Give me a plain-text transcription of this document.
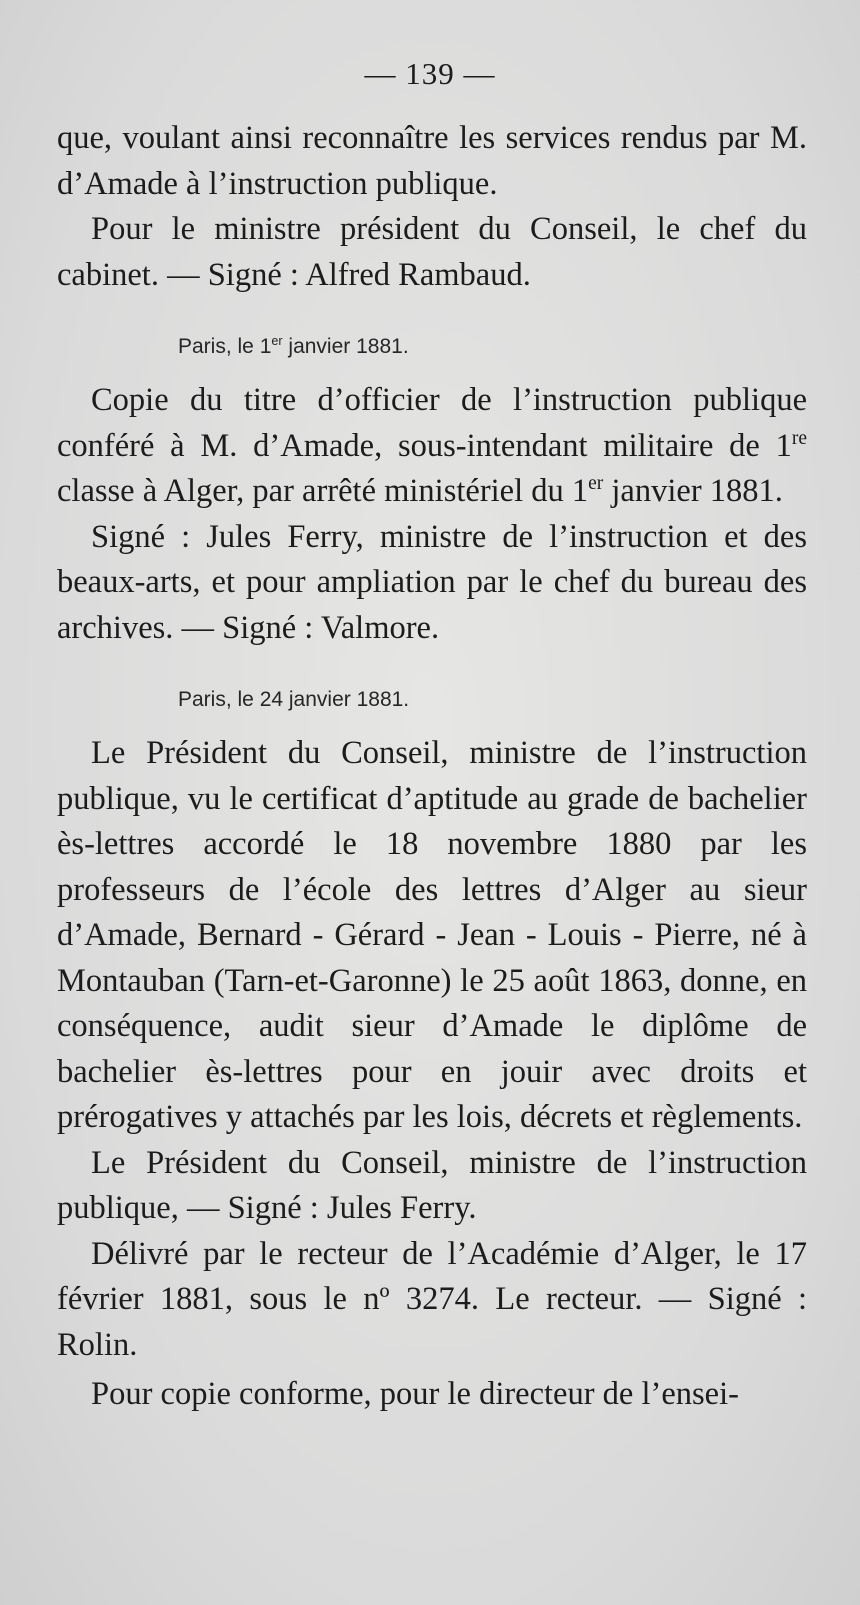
— 139 —

que, voulant ainsi reconnaître les services rendus par M. d’Amade à l’instruction publique.

Pour le ministre président du Conseil, le chef du cabinet. — Signé : Alfred Rambaud.

Paris, le 1er janvier 1881.

Copie du titre d’officier de l’instruction publique conféré à M. d’Amade, sous-intendant militaire de 1re classe à Alger, par arrêté ministériel du 1er janvier 1881.

Signé : Jules Ferry, ministre de l’instruction et des beaux-arts, et pour ampliation par le chef du bureau des archives. — Signé : Valmore.

Paris, le 24 janvier 1881.

Le Président du Conseil, ministre de l’instruction publique, vu le certificat d’aptitude au grade de bachelier ès-lettres accordé le 18 novembre 1880 par les professeurs de l’école des lettres d’Alger au sieur d’Amade, Bernard - Gérard - Jean - Louis - Pierre, né à Montauban (Tarn-et-Garonne) le 25 août 1863, donne, en conséquence, audit sieur d’Amade le diplôme de bachelier ès-lettres pour en jouir avec droits et prérogatives y attachés par les lois, décrets et règlements.

Le Président du Conseil, ministre de l’instruction publique, — Signé : Jules Ferry.

Délivré par le recteur de l’Académie d’Alger, le 17 février 1881, sous le nº 3274. Le recteur. — Signé : Rolin.

Pour copie conforme, pour le directeur de l’ensei-
